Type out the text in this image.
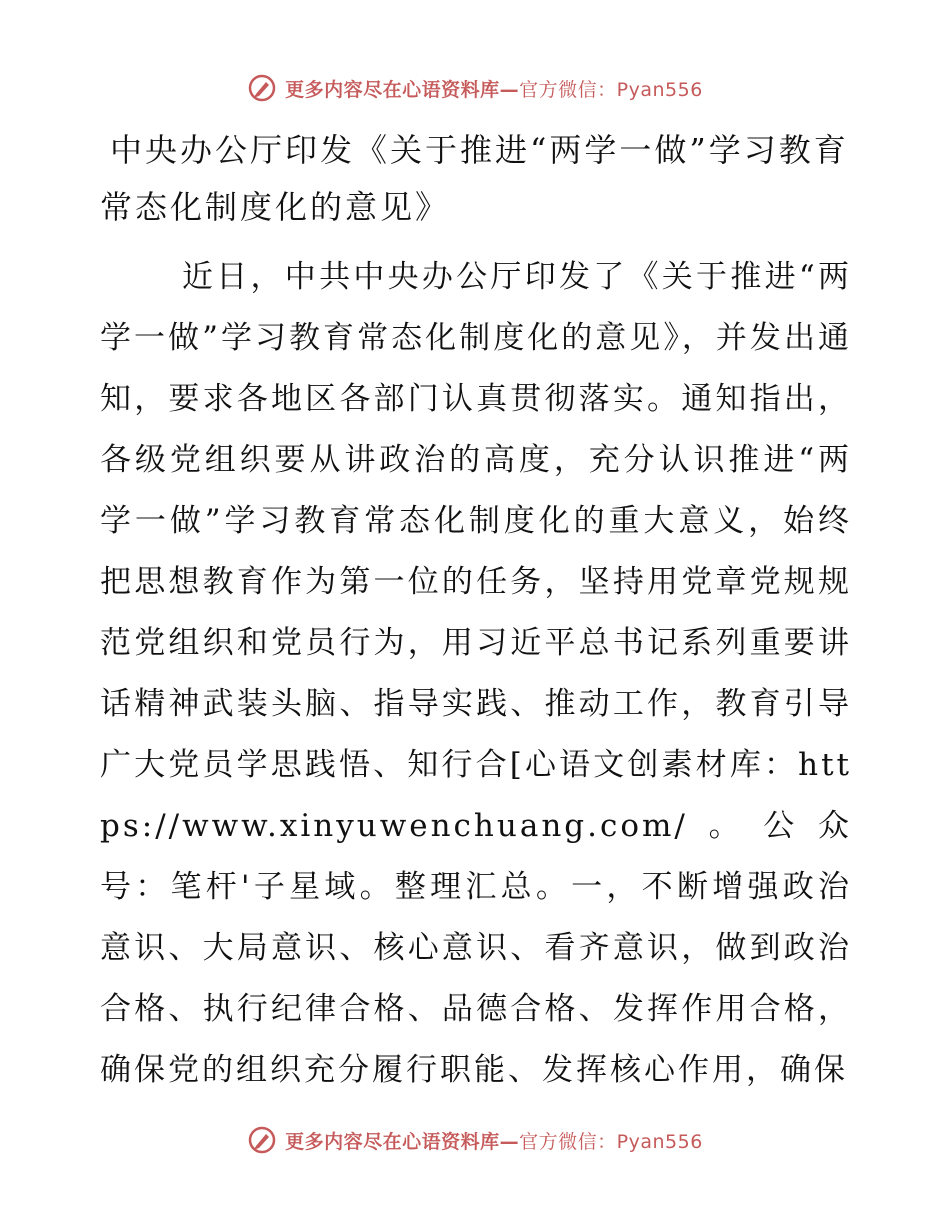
更多内容尽在心语资料库—官方微信：Pyan556
中央办公厅印发《关于推进“两学一做”学习教育常态化制度化的意见》

近日，中共中央办公厅印发了《关于推进“两学一做”学习教育常态化制度化的意见》，并发出通知，要求各地区各部门认真贯彻落实。通知指出，各级党组织要从讲政治的高度，充分认识推进“两学一做”学习教育常态化制度化的重大意义，始终把思想教育作为第一位的任务，坚持用党章党规规范党组织和党员行为，用习近平总书记系列重要讲话精神武装头脑、指导实践、推动工作，教育引导广大党员学思践悟、知行合[心语文创素材库：https://www.xinyuwenchuang.com/。公众号：笔杆'子星域。整理汇总。一，不断增强政治意识、大局意识、核心意识、看齐意识，做到政治合格、执行纪律合格、品德合格、发挥作用合格，确保党的组织充分履行职能、发挥核心作用，确保

更多内容尽在心语资料库—官方微信：Pyan556
